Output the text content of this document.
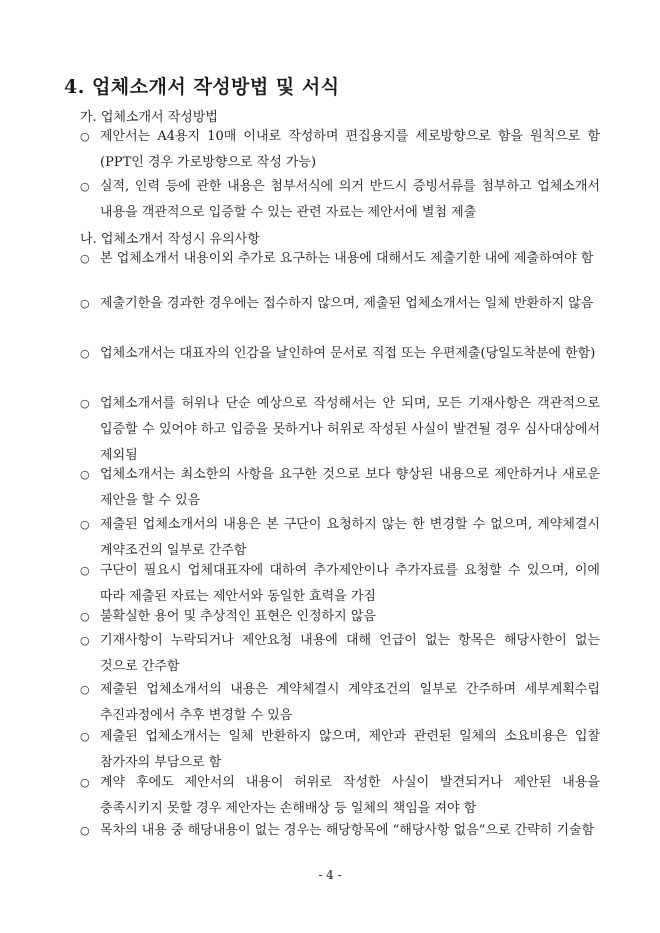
4. 업체소개서 작성방법 및 서식
가. 업체소개서 작성방법
○ 제안서는 A4용지 10매 이내로 작성하며 편집용지를 세로방향으로 함을 원칙으로 함 (PPT인 경우 가로방향으로 작성 가능)
○ 실적, 인력 등에 관한 내용은 첨부서식에 의거 반드시 증빙서류를 첨부하고 업체소개서 내용을 객관적으로 입증할 수 있는 관련 자료는 제안서에 별첨 제출
나. 업체소개서 작성시 유의사항
○ 본 업체소개서 내용이외 추가로 요구하는 내용에 대해서도 제출기한 내에 제출하여야 함
○ 제출기한을 경과한 경우에는 접수하지 않으며, 제출된 업체소개서는 일체 반환하지 않음
○ 업체소개서는 대표자의 인감을 날인하여 문서로 직접 또는 우편제출(당일도착분에 한함)
○ 업체소개서를 허위나 단순 예상으로 작성해서는 안 되며, 모든 기재사항은 객관적으로 입증할 수 있어야 하고 입증을 못하거나 허위로 작성된 사실이 발견될 경우 심사대상에서 제외됨
○ 업체소개서는 최소한의 사항을 요구한 것으로 보다 향상된 내용으로 제안하거나 새로운 제안을 할 수 있음
○ 제출된 업체소개서의 내용은 본 구단이 요청하지 않는 한 변경할 수 없으며, 계약체결시 계약조건의 일부로 간주함
○ 구단이 필요시 업체대표자에 대하여 추가제안이나 추가자료를 요청할 수 있으며, 이에 따라 제출된 자료는 제안서와 동일한 효력을 가짐
○ 불확실한 용어 및 추상적인 표현은 인정하지 않음
○ 기재사항이 누락되거나 제안요청 내용에 대해 언급이 없는 항목은 해당사한이 없는 것으로 간주함
○ 제출된 업체소개서의 내용은 계약체결시 계약조건의 일부로 간주하며 세부계획수립 추진과정에서 추후 변경할 수 있음
○ 제출된 업체소개서는 일체 반환하지 않으며, 제안과 관련된 일체의 소요비용은 입찰 참가자의 부담으로 함
○ 계약 후에도 제안서의 내용이 허위로 작성한 사실이 발견되거나 제안된 내용을 충족시키지 못할 경우 제안자는 손해배상 등 일체의 책임을 져야 함
○ 목차의 내용 중 해당내용이 없는 경우는 해당항목에 “해당사항 없음”으로 간략히 기술함
- 4 -
